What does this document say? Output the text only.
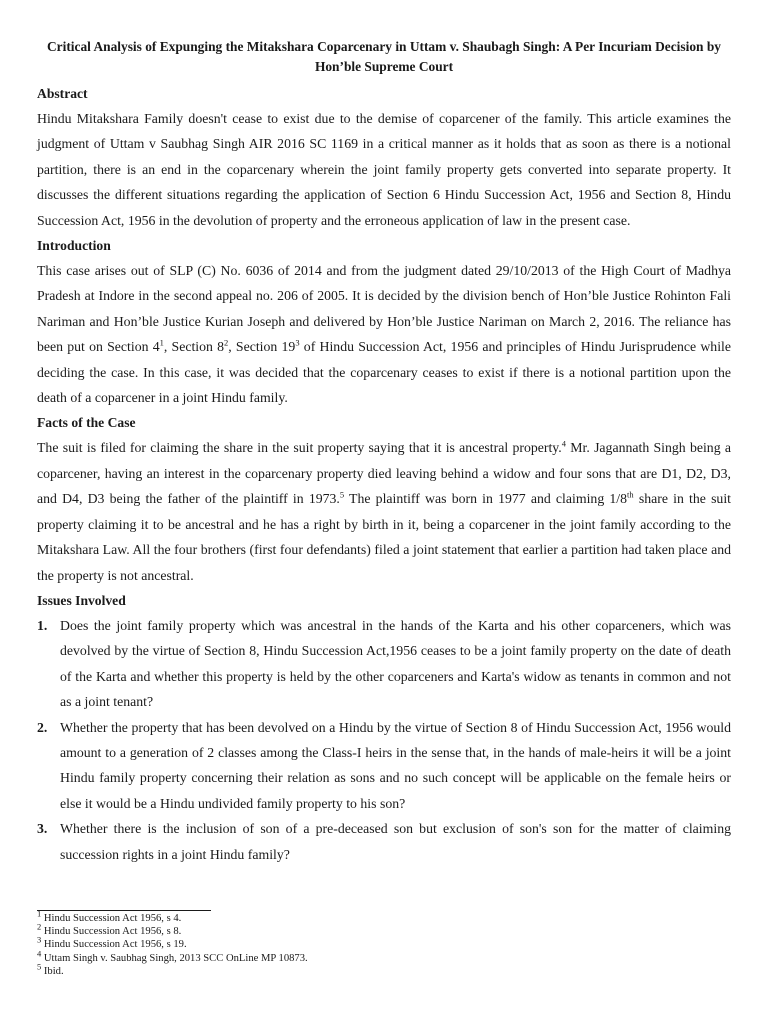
Critical Analysis of Expunging the Mitakshara Coparcenary in Uttam v. Shaubagh Singh: A Per Incuriam Decision by Hon’ble Supreme Court
Abstract

Hindu Mitakshara Family doesn't cease to exist due to the demise of coparcener of the family. This article examines the judgment of Uttam v Saubhag Singh AIR 2016 SC 1169 in a critical manner as it holds that as soon as there is a notional partition, there is an end in the coparcenary wherein the joint family property gets converted into separate property. It discusses the different situations regarding the application of Section 6 Hindu Succession Act, 1956 and Section 8, Hindu Succession Act, 1956 in the devolution of property and the erroneous application of law in the present case.

Introduction

This case arises out of SLP (C) No. 6036 of 2014 and from the judgment dated 29/10/2013 of the High Court of Madhya Pradesh at Indore in the second appeal no. 206 of 2005. It is decided by the division bench of Hon’ble Justice Rohinton Fali Nariman and Hon’ble Justice Kurian Joseph and delivered by Hon’ble Justice Nariman on March 2, 2016. The reliance has been put on Section $4^1$, Section $8^2$, Section $19^3$ of Hindu Succession Act, 1956 and principles of Hindu Jurisprudence while deciding the case. In this case, it was decided that the coparcenary ceases to exist if there is a notional partition upon the death of a coparcener in a joint Hindu family.

Facts of the Case

The suit is filed for claiming the share in the suit property saying that it is ancestral property.$^4$ Mr. Jagannath Singh being a coparcener, having an interest in the coparcenary property died leaving behind a widow and four sons that are D1, D2, D3, and D4, D3 being the father of the plaintiff in 1973.$^5$ The plaintiff was born in 1977 and claiming 1/8th share in the suit property claiming it to be ancestral and he has a right by birth in it, being a coparcener in the joint family according to the Mitakshara Law. All the four brothers (first four defendants) filed a joint statement that earlier a partition had taken place and the property is not ancestral.

Issues Involved
1. Does the joint family property which was ancestral in the hands of the Karta and his other coparceners, which was devolved by the virtue of Section 8, Hindu Succession Act,1956 ceases to be a joint family property on the date of death of the Karta and whether this property is held by the other coparceners and Karta's widow as tenants in common and not as a joint tenant?
2. Whether the property that has been devolved on a Hindu by the virtue of Section 8 of Hindu Succession Act, 1956 would amount to a generation of 2 classes among the Class-I heirs in the sense that, in the hands of male-heirs it will be a joint Hindu family property concerning their relation as sons and no such concept will be applicable on the female heirs or else it would be a Hindu undivided family property to his son?
3. Whether there is the inclusion of son of a pre-deceased son but exclusion of son's son for the matter of claiming succession rights in a joint Hindu family?
$^1$ Hindu Succession Act 1956, s 4.
$^2$ Hindu Succession Act 1956, s 8.
$^3$ Hindu Succession Act 1956, s 19.
$^4$ Uttam Singh v. Saubhag Singh, 2013 SCC OnLine MP 10873.
$^5$ Ibid.
